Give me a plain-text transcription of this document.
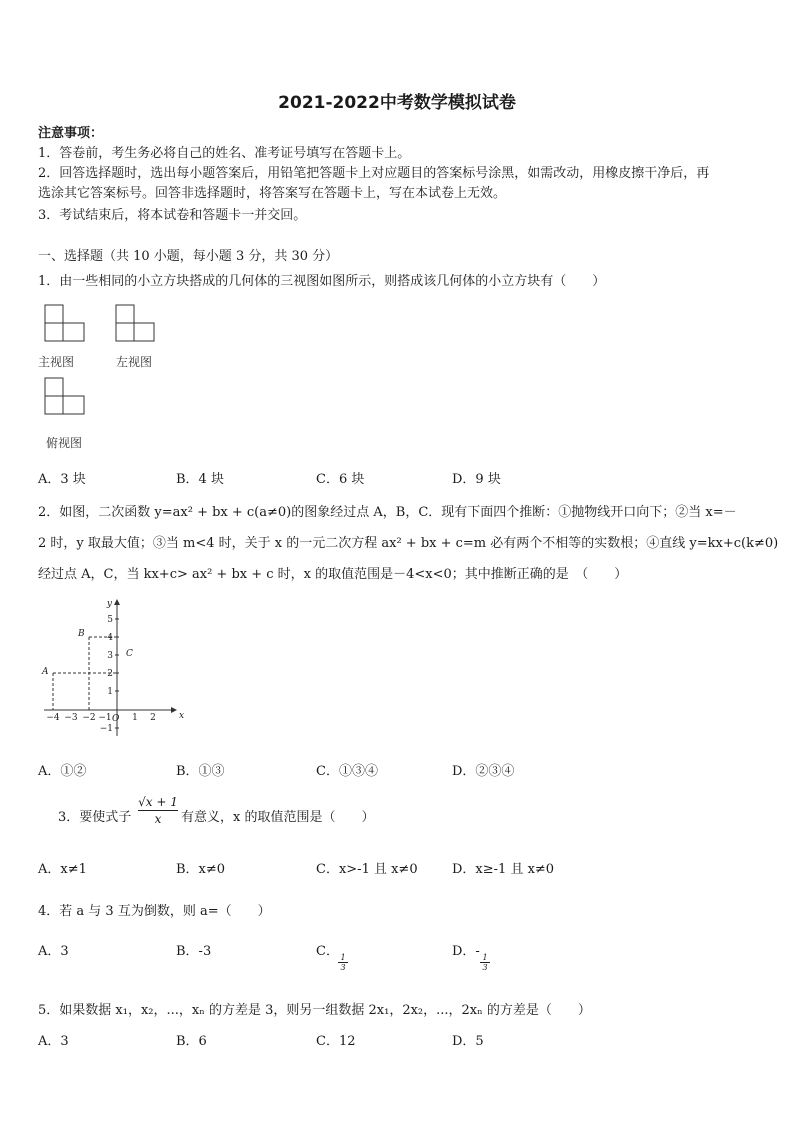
2021-2022中考数学模拟试卷
注意事项：
1．答卷前，考生务必将自己的姓名、准考证号填写在答题卡上。
2．回答选择题时，选出每小题答案后，用铅笔把答题卡上对应题目的答案标号涂黑，如需改动，用橡皮擦干净后，再
选涂其它答案标号。回答非选择题时，将答案写在答题卡上，写在本试卷上无效。
3．考试结束后，将本试卷和答题卡一并交回。
一、选择题（共 10 小题，每小题 3 分，共 30 分）
1．由一些相同的小立方块搭成的几何体的三视图如图所示，则搭成该几何体的小立方块有（　　）
主视图	左视图
俯视图
A．3 块	B．4 块	C．6 块	D．9 块
2．如图，二次函数 y=ax² + bx + c(a≠0)的图象经过点 A，B，C．现有下面四个推断：①抛物线开口向下；②当 x=－
2 时，y 取最大值；③当 m<4 时，关于 x 的一元二次方程 ax² + bx + c=m 必有两个不相等的实数根；④直线 y=kx+c(k≠0)
经过点 A，C，当 kx+c> ax² + bx + c 时，x 的取值范围是－4<x<0；其中推断正确的是　（　　）
y
x
O
A
B
C
5
4
3
2
1
−1
−4 −3 −2 −1 1 2
A．①②	B．①③	C．①③④	D．②③④
3．要使式子
√x + 1
x	有意义，x 的取值范围是（　　）
A．x≠1	B．x≠0	C．x>-1 且 x≠0	D．x≥-1 且 x≠0
4．若 a 与 3 互为倒数，则 a=（　　）
A．3	B．-3	C． 1
3
D．- 1
3
5．如果数据 x₁，x₂，...，xₙ 的方差是 3，则另一组数据 2x₁，2x₂，...，2xₙ 的方差是（　　）
A．3	B．6	C．12	D．5
